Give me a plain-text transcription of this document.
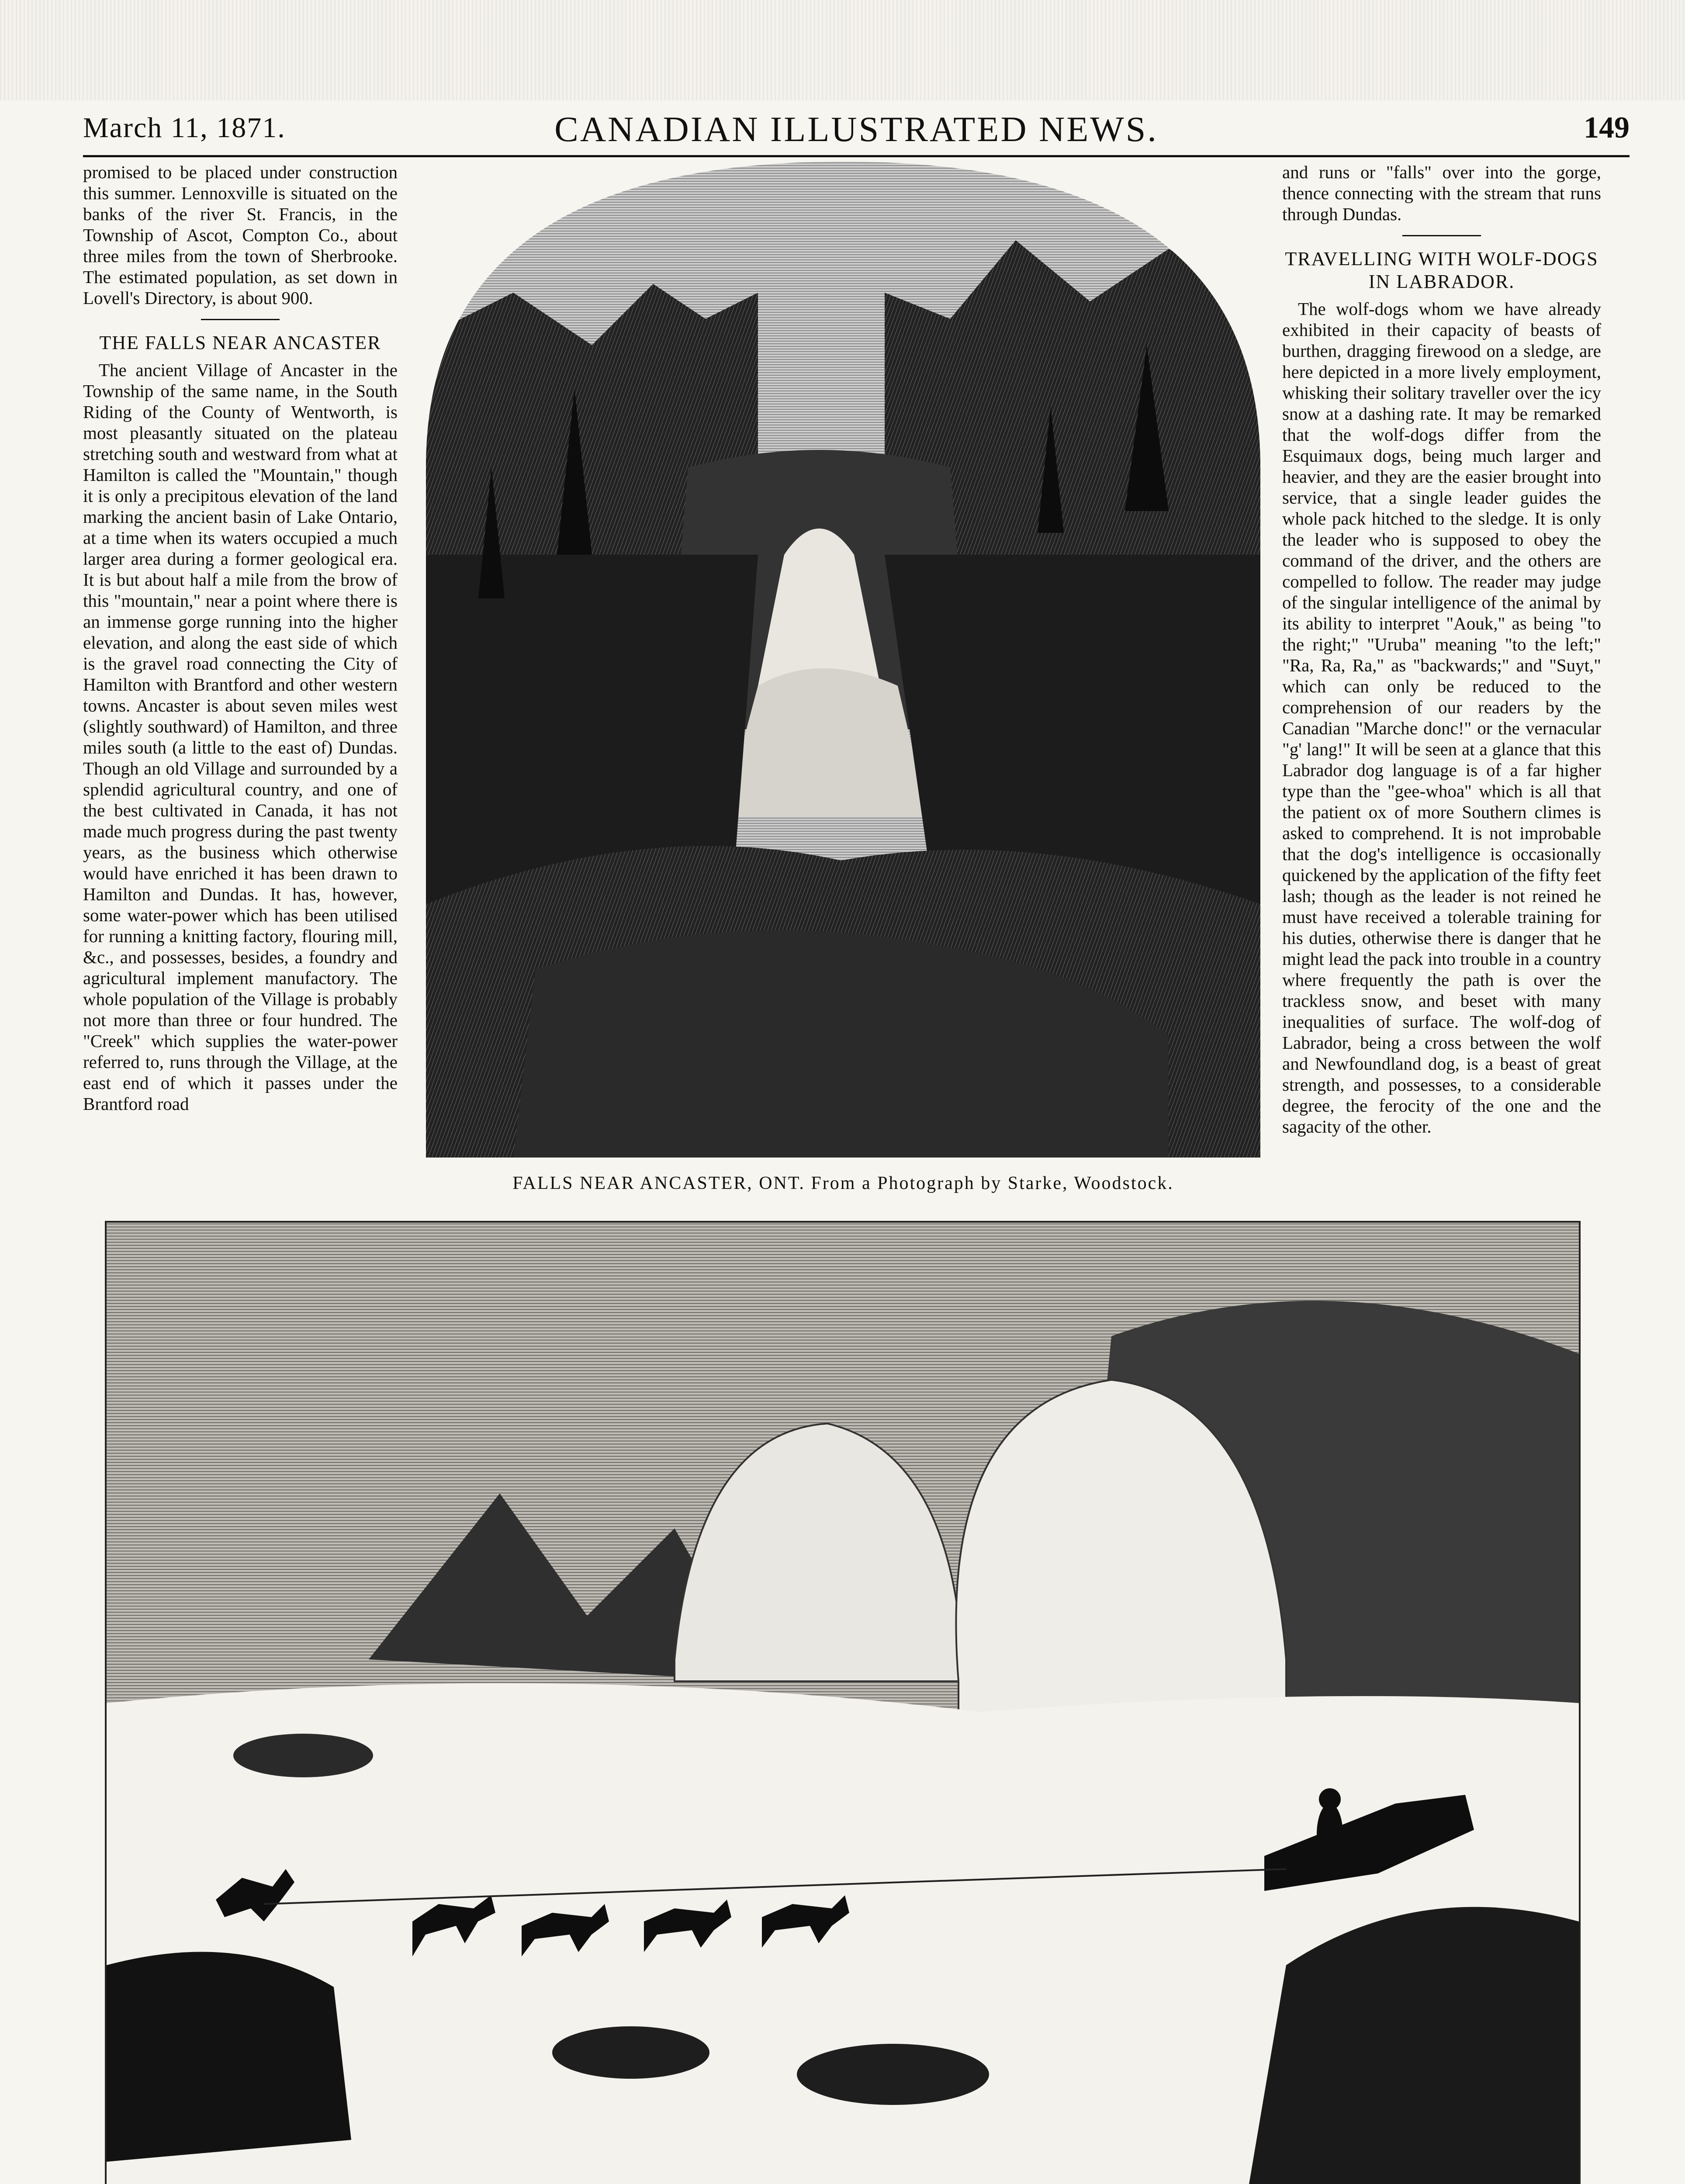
March 11, 1871.	CANADIAN ILLUSTRATED NEWS.	149

promised to be placed under construction this summer. Lennoxville is situated on the banks of the river St. Francis, in the Township of Ascot, Compton Co., about three miles from the town of Sherbrooke. The estimated population, as set down in Lovell's Directory, is about 900.

THE FALLS NEAR ANCASTER

The ancient Village of Ancaster in the Township of the same name, in the South Riding of the County of Wentworth, is most pleasantly situated on the plateau stretching south and westward from what at Hamilton is called the "Mountain," though it is only a precipitous elevation of the land marking the ancient basin of Lake Ontario, at a time when its waters occupied a much larger area during a former geological era. It is but about half a mile from the brow of this "mountain," near a point where there is an immense gorge running into the higher elevation, and along the east side of which is the gravel road connecting the City of Hamilton with Brantford and other western towns. Ancaster is about seven miles west (slightly southward) of Hamilton, and three miles south (a little to the east of) Dundas. Though an old Village and surrounded by a splendid agricultural country, and one of the best cultivated in Canada, it has not made much progress during the past twenty years, as the business which otherwise would have enriched it has been drawn to Hamilton and Dundas. It has, however, some water-power which has been utilised for running a knitting factory, flouring mill, &c., and possesses, besides, a foundry and agricultural implement manufactory. The whole population of the Village is probably not more than three or four hundred. The "Creek" which supplies the water-power referred to, runs through the Village, at the east end of which it passes under the Brantford road

FALLS NEAR ANCASTER, ONT. From a Photograph by Starke, Woodstock.

and runs or "falls" over into the gorge, thence connecting with the stream that runs through Dundas.

TRAVELLING WITH WOLF-DOGS IN LABRADOR.

The wolf-dogs whom we have already exhibited in their capacity of beasts of burthen, dragging firewood on a sledge, are here depicted in a more lively employment, whisking their solitary traveller over the icy snow at a dashing rate. It may be remarked that the wolf-dogs differ from the Esquimaux dogs, being much larger and heavier, and they are the easier brought into service, that a single leader guides the whole pack hitched to the sledge. It is only the leader who is supposed to obey the command of the driver, and the others are compelled to follow. The reader may judge of the singular intelligence of the animal by its ability to interpret "Aouk," as being "to the right;" "Uruba" meaning "to the left;" "Ra, Ra, Ra," as "backwards;" and "Suyt," which can only be reduced to the comprehension of our readers by the Canadian "Marche donc!" or the vernacular "g' lang!" It will be seen at a glance that this Labrador dog language is of a far higher type than the "gee-whoa" which is all that the patient ox of more Southern climes is asked to comprehend. It is not improbable that the dog's intelligence is occasionally quickened by the application of the fifty feet lash; though as the leader is not reined he must have received a tolerable training for his duties, otherwise there is danger that he might lead the pack into trouble in a country where frequently the path is over the trackless snow, and beset with many inequalities of surface. The wolf-dog of Labrador, being a cross between the wolf and Newfoundland dog, is a beast of great strength, and possesses, to a considerable degree, the ferocity of the one and the sagacity of the other.
